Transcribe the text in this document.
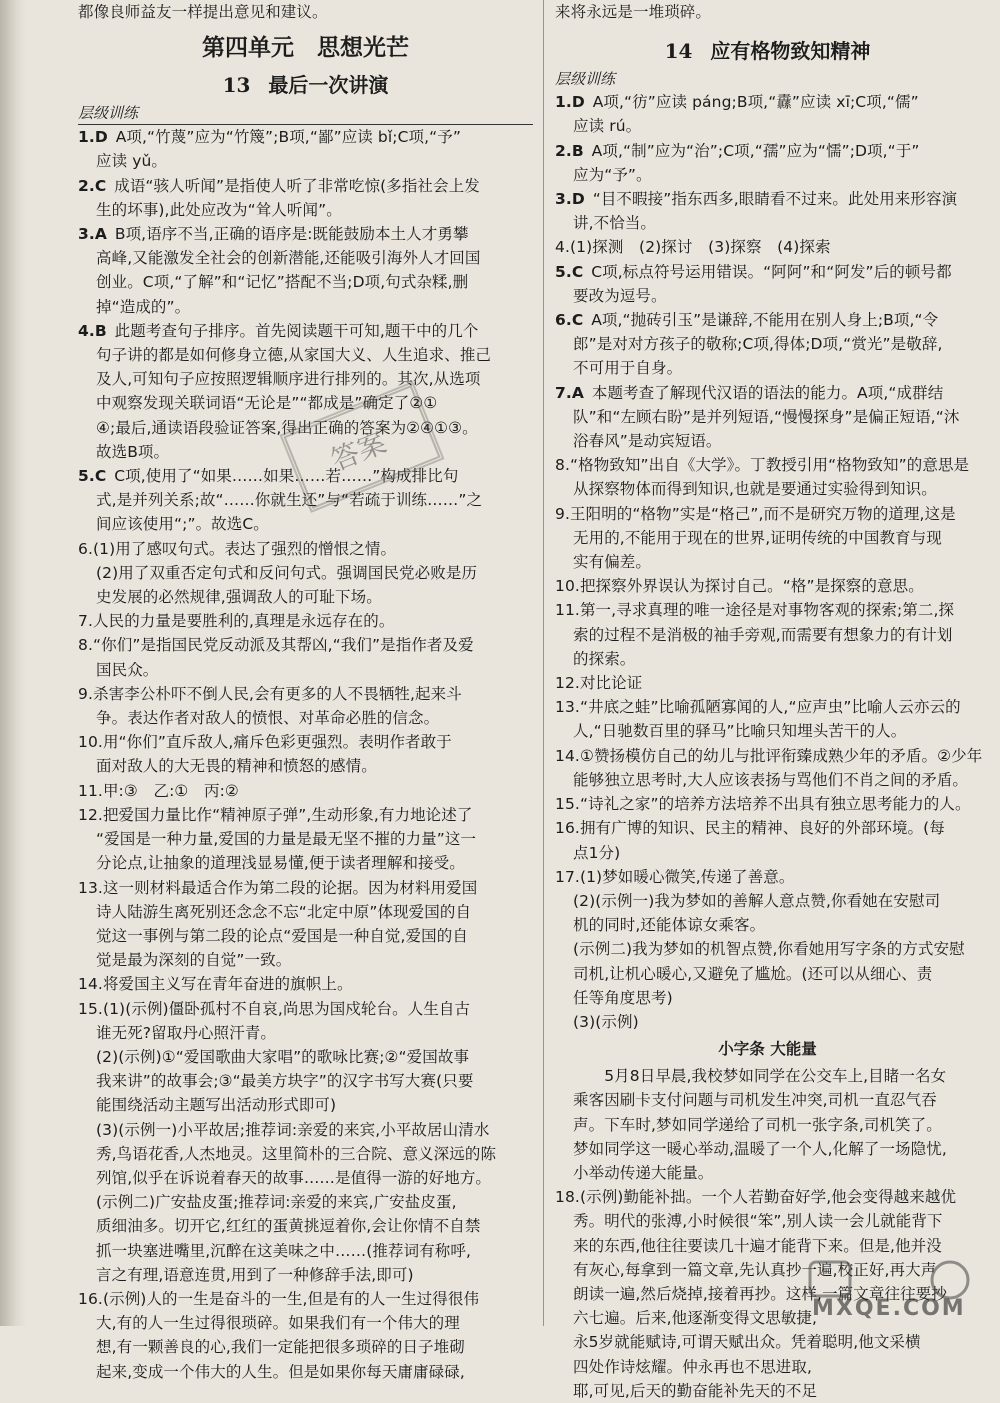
都像良师益友一样提出意见和建议。
第四单元　思想光芒
13 最后一次讲演
层级训练
1.D  A项,“竹蔑”应为“竹篾”;B项,“鄙”应读 bǐ;C项,“予”
应读 yǔ。
2.C  成语“骇人听闻”是指使人听了非常吃惊(多指社会上发
生的坏事),此处应改为“耸人听闻”。
3.A  B项,语序不当,正确的语序是:既能鼓励本土人才勇攀
高峰,又能激发全社会的创新潜能,还能吸引海外人才回国
创业。C项,“了解”和“记忆”搭配不当;D项,句式杂糅,删
掉“造成的”。
4.B  此题考查句子排序。首先阅读题干可知,题干中的几个
句子讲的都是如何修身立德,从家国大义、人生追求、推己
及人,可知句子应按照逻辑顺序进行排列的。其次,从选项
中观察发现关联词语“无论是”“都成是”确定了②①
④;最后,通读语段验证答案,得出正确的答案为②④①③。
故选B项。
5.C  C项,使用了“如果……如果……若……”构成排比句
式,是并列关系;故“……你就生还”与“若疏于训练……”之
间应该使用“;”。故选C。
6.(1)用了感叹句式。表达了强烈的憎恨之情。
(2)用了双重否定句式和反问句式。强调国民党必败是历
史发展的必然规律,强调敌人的可耻下场。
7.人民的力量是要胜利的,真理是永远存在的。
8.“你们”是指国民党反动派及其帮凶,“我们”是指作者及爱
国民众。
9.杀害李公朴吓不倒人民,会有更多的人不畏牺牲,起来斗
争。表达作者对敌人的愤恨、对革命必胜的信念。
10.用“你们”直斥敌人,痛斥色彩更强烈。表明作者敢于
面对敌人的大无畏的精神和愤怒的感情。
11.甲:③　乙:①　丙:②
12.把爱国力量比作“精神原子弹”,生动形象,有力地论述了
“爱国是一种力量,爱国的力量是最无坚不摧的力量”这一
分论点,让抽象的道理浅显易懂,便于读者理解和接受。
13.这一则材料最适合作为第二段的论据。因为材料用爱国
诗人陆游生离死别还念念不忘“北定中原”体现爱国的自
觉这一事例与第二段的论点“爱国是一种自觉,爱国的自
觉是最为深刻的自觉”一致。
14.将爱国主义写在青年奋进的旗帜上。
15.(1)(示例)僵卧孤村不自哀,尚思为国戍轮台。人生自古
谁无死?留取丹心照汗青。
(2)(示例)①“爱国歌曲大家唱”的歌咏比赛;②“爱国故事
我来讲”的故事会;③“最美方块字”的汉字书写大赛(只要
能围绕活动主题写出活动形式即可)
(3)(示例一)小平故居;推荐词:亲爱的来宾,小平故居山清水
秀,鸟语花香,人杰地灵。这里简朴的三合院、意义深远的陈
列馆,似乎在诉说着春天的故事……是值得一游的好地方。
(示例二)广安盐皮蛋;推荐词:亲爱的来宾,广安盐皮蛋,
质细油多。切开它,红红的蛋黄挑逗着你,会让你情不自禁
抓一块塞进嘴里,沉醉在这美味之中……(推荐词有称呼,
言之有理,语意连贯,用到了一种修辞手法,即可)
16.(示例)人的一生是奋斗的一生,但是有的人一生过得很伟
大,有的人一生过得很琐碎。如果我们有一个伟大的理
想,有一颗善良的心,我们一定能把很多琐碎的日子堆砌
起来,变成一个伟大的人生。但是如果你每天庸庸碌碌,
来将永远是一堆琐碎。
14 应有格物致知精神
层级训练
1.D  A项,“彷”应读 páng;B项,“纛”应读 xī;C项,“儒”
应读 rú。
2.B  A项,“制”应为“治”;C项,“孺”应为“懦”;D项,“于”
应为“予”。
3.D  “目不暇接”指东西多,眼睛看不过来。此处用来形容演
讲,不恰当。
4.(1)探测　(2)探讨　(3)探察　(4)探索
5.C  C项,标点符号运用错误。“阿阿”和“阿发”后的顿号都
要改为逗号。
6.C  A项,“抛砖引玉”是谦辞,不能用在别人身上;B项,“令
郎”是对对方孩子的敬称;C项,得体;D项,“赏光”是敬辞,
不可用于自身。
7.A  本题考查了解现代汉语的语法的能力。A项,“成群结
队”和“左顾右盼”是并列短语,“慢慢探身”是偏正短语,“沐
浴春风”是动宾短语。
8.“格物致知”出自《大学》。丁教授引用“格物致知”的意思是
从探察物体而得到知识,也就是要通过实验得到知识。
9.王阳明的“格物”实是“格己”,而不是研究万物的道理,这是
无用的,不能用于现在的世界,证明传统的中国教育与现
实有偏差。
10.把探察外界误认为探讨自己。“格”是探察的意思。
11.第一,寻求真理的唯一途径是对事物客观的探索;第二,探
索的过程不是消极的袖手旁观,而需要有想象力的有计划
的探索。
12.对比论证
13.“井底之蛙”比喻孤陋寡闻的人,“应声虫”比喻人云亦云的
人,“日驰数百里的驿马”比喻只知埋头苦干的人。
14.①赞扬模仿自己的幼儿与批评衔臻成熟少年的矛盾。②少年
能够独立思考时,大人应该表扬与骂他们不肖之间的矛盾。
15.“诗礼之家”的培养方法培养不出具有独立思考能力的人。
16.拥有广博的知识、民主的精神、良好的外部环境。(每
点1分)
17.(1)梦如暖心微笑,传递了善意。
(2)(示例一)我为梦如的善解人意点赞,你看她在安慰司
机的同时,还能体谅女乘客。
(示例二)我为梦如的机智点赞,你看她用写字条的方式安慰
司机,让机心暖心,又避免了尴尬。(还可以从细心、责
任等角度思考)
(3)(示例)
小字条 大能量
　　5月8日早晨,我校梦如同学在公交车上,目睹一名女
乘客因刷卡支付问题与司机发生冲突,司机一直忍气吞
声。下车时,梦如同学递给了司机一张字条,司机笑了。
梦如同学这一暖心举动,温暖了一个人,化解了一场隐忧,
小举动传递大能量。
18.(示例)勤能补拙。一个人若勤奋好学,他会变得越来越优
秀。明代的张溥,小时候很“笨”,别人读一会儿就能背下
来的东西,他往往要读几十遍才能背下来。但是,他并没
有灰心,每拿到一篇文章,先认真抄一遍,校正好,再大声
朗读一遍,然后烧掉,接着再抄。这样,一篇文章往往要抄
六七遍。后来,他逐渐变得文思敏捷,
永5岁就能赋诗,可谓天赋出众。凭着聪明,他文采横
四处作诗炫耀。仲永再也不思进取,
耶,可见,后天的勤奋能补先天的不足
答案
MXQE.COM
